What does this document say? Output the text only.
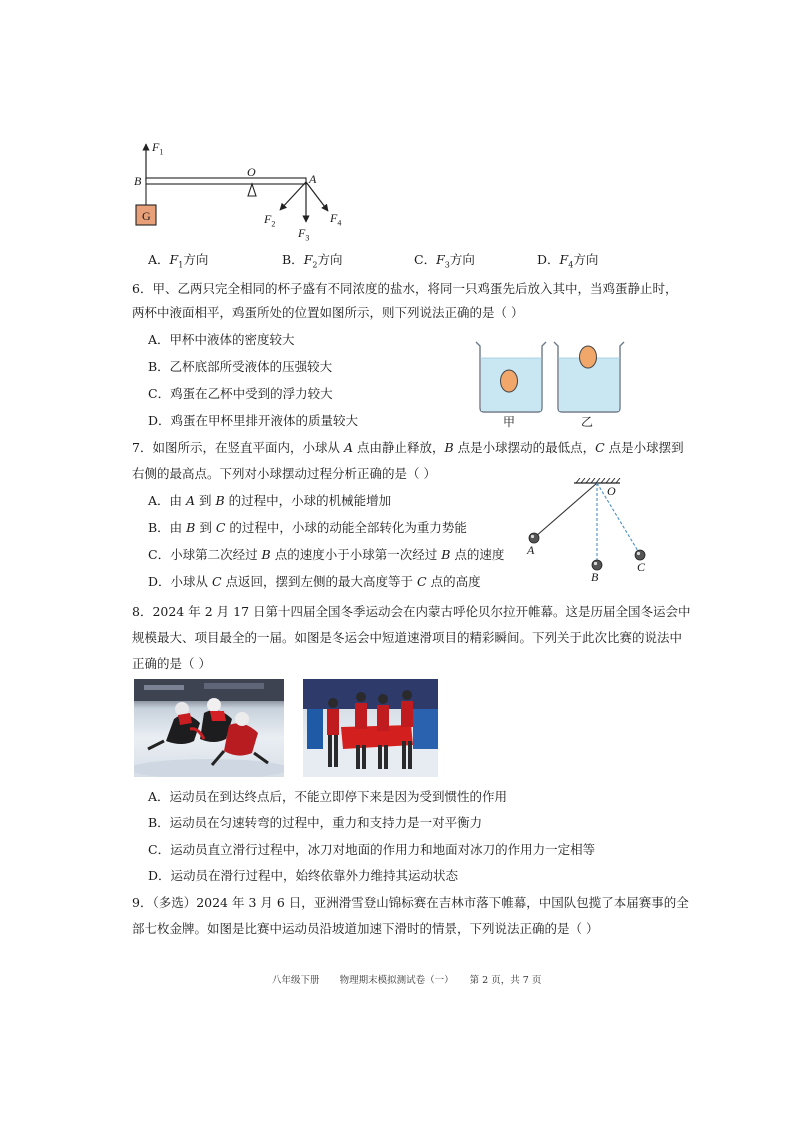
$F_1$
B
O	A
G	$F_2$
$F_3$
$F_4$
A．$F_1$方向	B．$F_2$方向	C．$F_3$方向	D．$F_4$方向
6．甲、乙两只完全相同的杯子盛有不同浓度的盐水，将同一只鸡蛋先后放入其中，当鸡蛋静止时，
两杯中液面相平，鸡蛋所处的位置如图所示，则下列说法正确的是（ ）
A．甲杯中液体的密度较大
B．乙杯底部所受液体的压强较大
C．鸡蛋在乙杯中受到的浮力较大
D．鸡蛋在甲杯里排开液体的质量较大	甲	乙
7．如图所示，在竖直平面内，小球从 A 点由静止释放，B 点是小球摆动的最低点，C 点是小球摆到
右侧的最高点。下列对小球摆动过程分析正确的是（ ）
A．由 A 到 B 的过程中，小球的机械能增加
B．由 B 到 C 的过程中，小球的动能全部转化为重力势能
C．小球第二次经过 B 点的速度小于小球第一次经过 B 点的速度
D．小球从 C 点返回，摆到左侧的最大高度等于 C 点的高度
O
A
B
C
8．2024 年 2 月 17 日第十四届全国冬季运动会在内蒙古呼伦贝尔拉开帷幕。这是历届全国冬运会中
规模最大、项目最全的一届。如图是冬运会中短道速滑项目的精彩瞬间。下列关于此次比赛的说法中
正确的是（ ）
A．运动员在到达终点后，不能立即停下来是因为受到惯性的作用
B．运动员在匀速转弯的过程中，重力和支持力是一对平衡力
C．运动员直立滑行过程中，冰刀对地面的作用力和地面对冰刀的作用力一定相等
D．运动员在滑行过程中，始终依靠外力维持其运动状态
9．（多选）2024 年 3 月 6 日，亚洲滑雪登山锦标赛在吉林市落下帷幕，中国队包揽了本届赛事的全
部七枚金牌。如图是比赛中运动员沿坡道加速下滑时的情景，下列说法正确的是（ ）
八年级下册 物理期末模拟测试卷（一） 第 2 页，共 7 页
